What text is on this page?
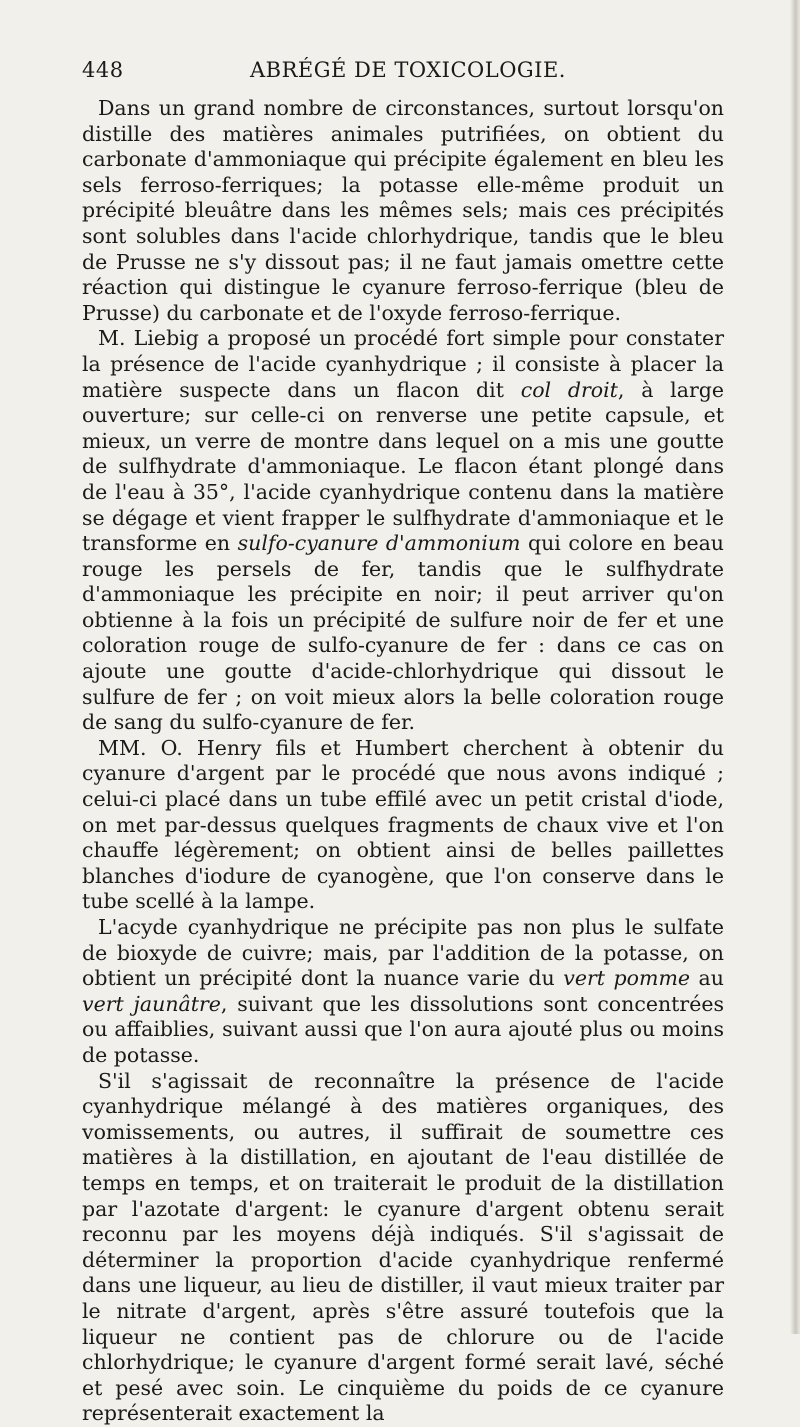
448	ABRÉGÉ DE TOXICOLOGIE.

Dans un grand nombre de circonstances, surtout lorsqu'on distille des matières animales putrifiées, on obtient du carbonate d'ammoniaque qui précipite également en bleu les sels ferroso-ferriques; la potasse elle-même produit un précipité bleuâtre dans les mêmes sels; mais ces précipités sont solubles dans l'acide chlorhydrique, tandis que le bleu de Prusse ne s'y dissout pas; il ne faut jamais omettre cette réaction qui distingue le cyanure ferroso-ferrique (bleu de Prusse) du carbonate et de l'oxyde ferroso-ferrique.

M. Liebig a proposé un procédé fort simple pour constater la présence de l'acide cyanhydrique ; il consiste à placer la matière suspecte dans un flacon dit col droit, à large ouverture; sur celle-ci on renverse une petite capsule, et mieux, un verre de montre dans lequel on a mis une goutte de sulfhydrate d'ammoniaque. Le flacon étant plongé dans de l'eau à 35°, l'acide cyanhydrique contenu dans la matière se dégage et vient frapper le sulfhydrate d'ammoniaque et le transforme en sulfo-cyanure d'ammonium qui colore en beau rouge les persels de fer, tandis que le sulfhydrate d'ammoniaque les précipite en noir; il peut arriver qu'on obtienne à la fois un précipité de sulfure noir de fer et une coloration rouge de sulfo-cyanure de fer : dans ce cas on ajoute une goutte d'acide-chlorhydrique qui dissout le sulfure de fer ; on voit mieux alors la belle coloration rouge de sang du sulfo-cyanure de fer.

MM. O. Henry fils et Humbert cherchent à obtenir du cyanure d'argent par le procédé que nous avons indiqué ; celui-ci placé dans un tube effilé avec un petit cristal d'iode, on met par-dessus quelques fragments de chaux vive et l'on chauffe légèrement; on obtient ainsi de belles paillettes blanches d'iodure de cyanogène, que l'on conserve dans le tube scellé à la lampe.

L'acyde cyanhydrique ne précipite pas non plus le sulfate de bioxyde de cuivre; mais, par l'addition de la potasse, on obtient un précipité dont la nuance varie du vert pomme au vert jaunâtre, suivant que les dissolutions sont concentrées ou affaiblies, suivant aussi que l'on aura ajouté plus ou moins de potasse.

S'il s'agissait de reconnaître la présence de l'acide cyanhydrique mélangé à des matières organiques, des vomissements, ou autres, il suffirait de soumettre ces matières à la distillation, en ajoutant de l'eau distillée de temps en temps, et on traiterait le produit de la distillation par l'azotate d'argent: le cyanure d'argent obtenu serait reconnu par les moyens déjà indiqués. S'il s'agissait de déterminer la proportion d'acide cyanhydrique renfermé dans une liqueur, au lieu de distiller, il vaut mieux traiter par le nitrate d'argent, après s'être assuré toutefois que la liqueur ne contient pas de chlorure ou de l'acide chlorhydrique; le cyanure d'argent formé serait lavé, séché et pesé avec soin. Le cinquième du poids de ce cyanure représenterait exactement la
